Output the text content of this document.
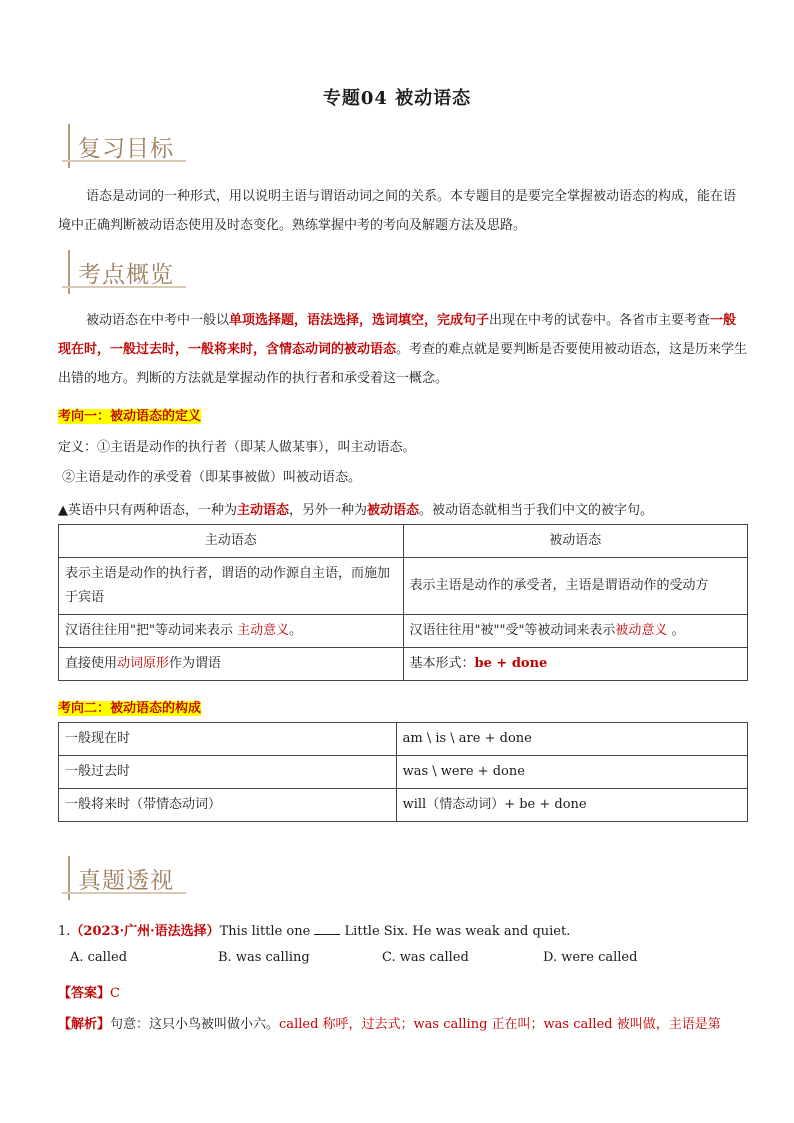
专题04 被动语态
复习目标
语态是动词的一种形式，用以说明主语与谓语动词之间的关系。本专题目的是要完全掌握被动语态的构成，能在语境中正确判断被动语态使用及时态变化。熟练掌握中考的考向及解题方法及思路。
考点概览
被动语态在中考中一般以单项选择题，语法选择，选词填空，完成句子出现在中考的试卷中。各省市主要考查一般现在时，一般过去时，一般将来时，含情态动词的被动语态。考查的难点就是要判断是否要使用被动语态，这是历来学生出错的地方。判断的方法就是掌握动作的执行者和承受着这一概念。
考向一：被动语态的定义
定义：①主语是动作的执行者（即某人做某事），叫主动语态。
②主语是动作的承受着（即某事被做）叫被动语态。
▲英语中只有两种语态，一种为主动语态，另外一种为被动语态。被动语态就相当于我们中文的被字句。
主动语态	被动语态
表示主语是动作的执行者，谓语的动作源自主语，而施加于宾语	表示主语是动作的承受者，主语是谓语动作的受动方
汉语往往用"把"等动词来表示 主动意义。	汉语往往用"被""受"等被动词来表示被动意义 。
直接使用动词原形作为谓语	基本形式：be + done
考向二：被动语态的构成
一般现在时	am \ is \ are + done
一般过去时	was \ were + done
一般将来时（带情态动词）	will（情态动词）+ be + done
真题透视
1.（2023·广州·语法选择）This little one  Little Six. He was weak and quiet.
A. called	B. was calling	C. was called	D. were called
【答案】C
【解析】句意：这只小鸟被叫做小六。called 称呼，过去式；was calling 正在叫；was called 被叫做，主语是第
